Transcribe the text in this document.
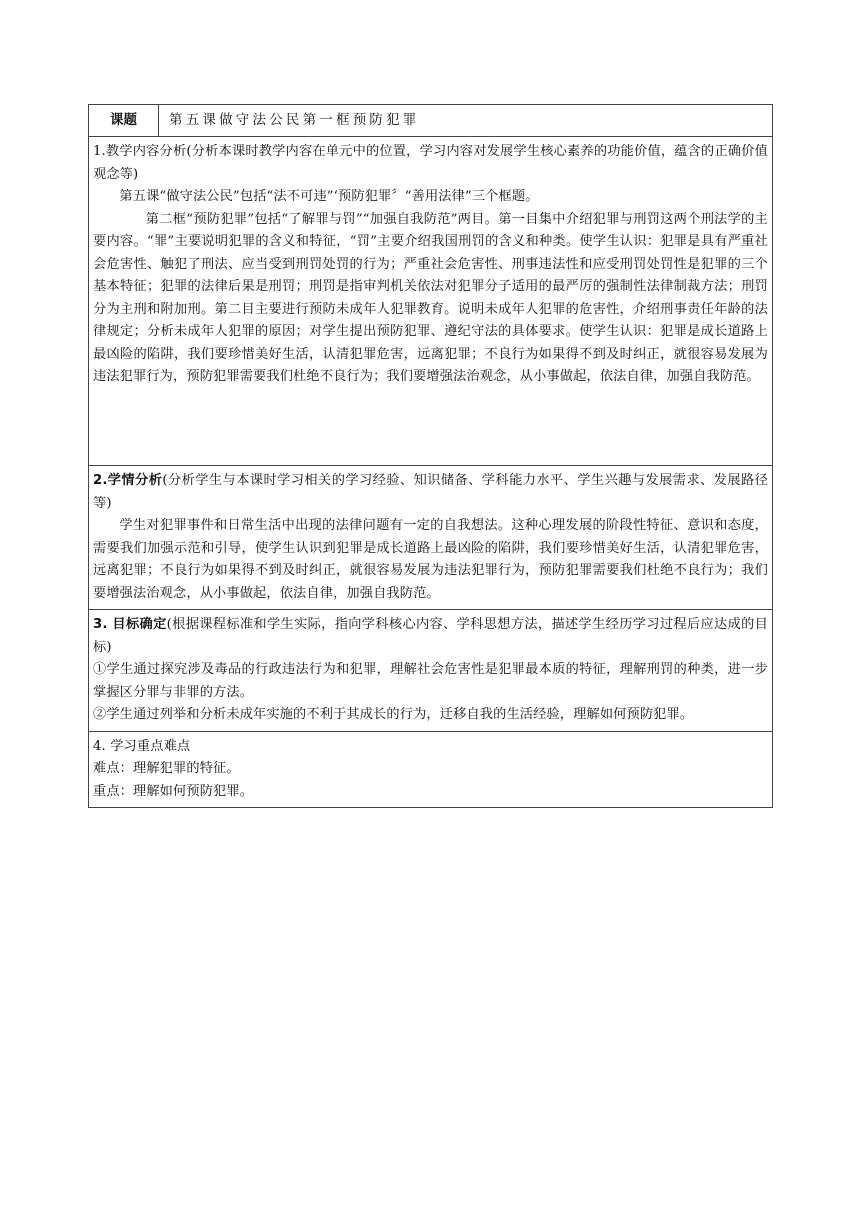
课题	第五课做守法公民第一框预防犯罪

1.教学内容分析(分析本课时教学内容在单元中的位置，学习内容对发展学生核心素养的功能价值，蕴含的正确价值观念等)

第五课“做守法公民”包括“法不可违”‘预防犯罪〞“善用法律”三个框题。

第二框“预防犯罪”包括“了解罪与罚”“加强自我防范”两目。第一目集中介绍犯罪与刑罚这两个刑法学的主要内容。“罪”主要说明犯罪的含义和特征，“罚”主要介绍我国刑罚的含义和种类。使学生认识：犯罪是具有严重社会危害性、触犯了刑法、应当受到刑罚处罚的行为；严重社会危害性、刑事违法性和应受刑罚处罚性是犯罪的三个基本特征；犯罪的法律后果是刑罚；刑罚是指审判机关依法对犯罪分子适用的最严厉的强制性法律制裁方法；刑罚分为主刑和附加刑。第二目主要进行预防未成年人犯罪教育。说明未成年人犯罪的危害性，介绍刑事责任年龄的法律规定；分析未成年人犯罪的原因；对学生提出预防犯罪、遵纪守法的具体要求。使学生认识：犯罪是成长道路上最凶险的陷阱，我们要珍惜美好生活，认清犯罪危害，远离犯罪；不良行为如果得不到及时纠正，就很容易发展为违法犯罪行为，预防犯罪需要我们杜绝不良行为；我们要增强法治观念，从小事做起，依法自律，加强自我防范。

2.学情分析(分析学生与本课时学习相关的学习经验、知识储备、学科能力水平、学生兴趣与发展需求、发展路径等)

学生对犯罪事件和日常生活中出现的法律问题有一定的自我想法。这种心理发展的阶段性特征、意识和态度，需要我们加强示范和引导，使学生认识到犯罪是成长道路上最凶险的陷阱，我们要珍惜美好生活，认清犯罪危害，远离犯罪；不良行为如果得不到及时纠正，就很容易发展为违法犯罪行为，预防犯罪需要我们杜绝不良行为；我们要增强法治观念，从小事做起，依法自律，加强自我防范。

3. 目标确定(根据课程标准和学生实际，指向学科核心内容、学科思想方法，描述学生经历学习过程后应达成的目标)

①学生通过探究涉及毒品的行政违法行为和犯罪，理解社会危害性是犯罪最本质的特征，理解刑罚的种类，进一步掌握区分罪与非罪的方法。

②学生通过列举和分析未成年实施的不利于其成长的行为，迁移自我的生活经验，理解如何预防犯罪。

4. 学习重点难点

难点：理解犯罪的特征。

重点：理解如何预防犯罪。
